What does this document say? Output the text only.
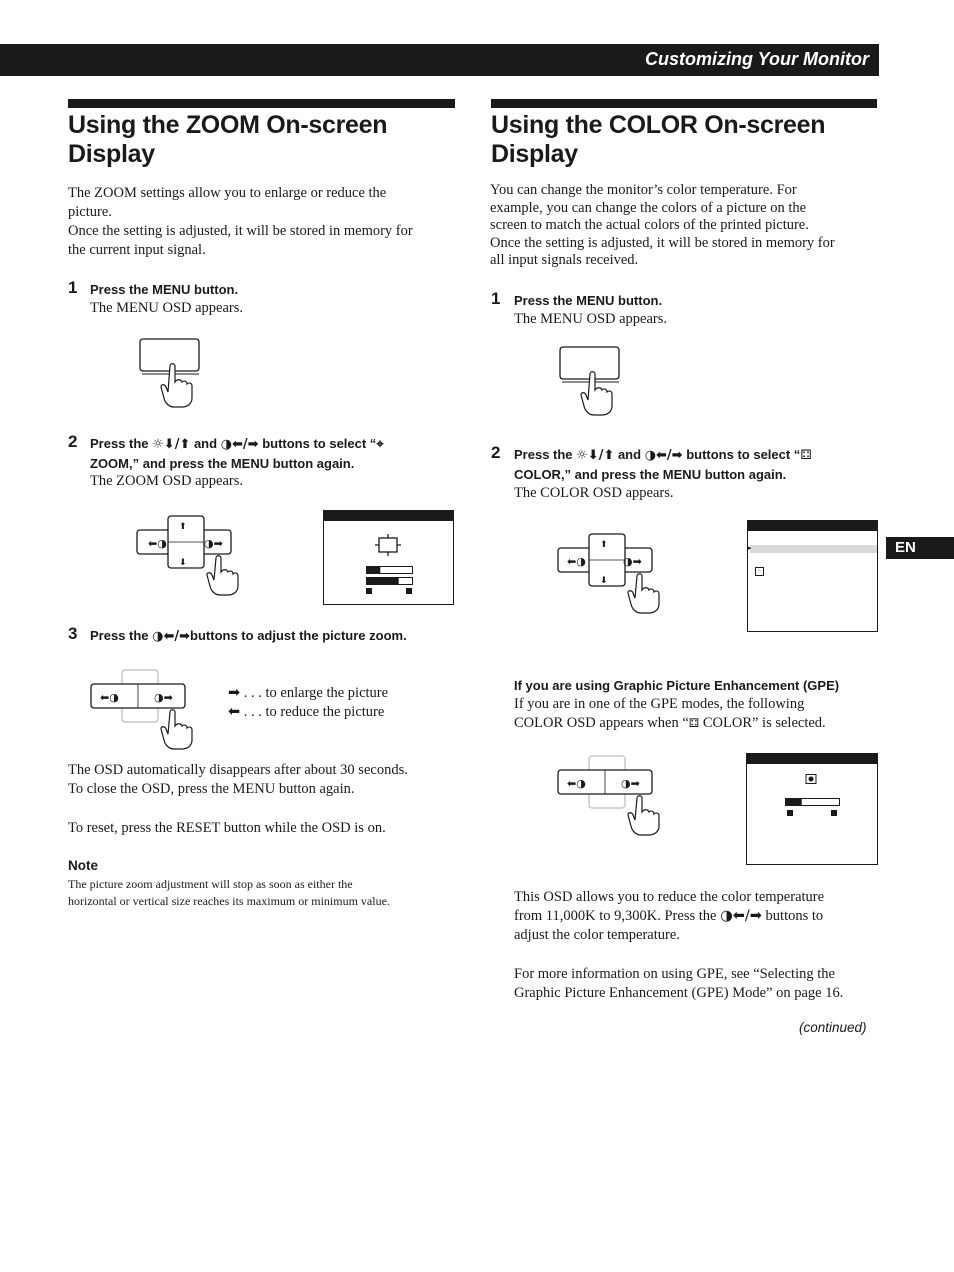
Customizing Your Monitor
EN
Using the ZOOM On-screen
Display
The ZOOM settings allow you to enlarge or reduce the
picture.
Once the setting is adjusted, it will be stored in memory for
the current input signal.
1 Press the MENU button.
The MENU OSD appears.
2 Press the ☼⬇/⬆ and ◑⬅/➡ buttons to select “⌖
ZOOM,” and press the MENU button again.
The ZOOM OSD appears.
⬅◑	◑➡
⬆
⬇
3 Press the ◑⬅/➡buttons to adjust the picture zoom.
⬅◑	◑➡	➡ . . . to enlarge the picture
⬅ . . . to reduce the picture
The OSD automatically disappears after about 30 seconds.
To close the OSD, press the MENU button again.
To reset, press the RESET button while the OSD is on.
Note
The picture zoom adjustment will stop as soon as either the
horizontal or vertical size reaches its maximum or minimum value.
Using the COLOR On-screen
Display
You can change the monitor’s color temperature. For
example, you can change the colors of a picture on the
screen to match the actual colors of the printed picture.
Once the setting is adjusted, it will be stored in memory for
all input signals received.
1 Press the MENU button.
The MENU OSD appears.
2 Press the ☼⬇/⬆ and ◑⬅/➡ buttons to select “⚃
COLOR,” and press the MENU button again.
The COLOR OSD appears.
⬅◑	◑➡
⬆
⬇
▸
⁘
If you are using Graphic Picture Enhancement (GPE)
If you are in one of the GPE modes, the following
COLOR OSD appears when “⚃ COLOR” is selected.
⬅◑	◑➡
This OSD allows you to reduce the color temperature
from 11,000K to 9,300K. Press the ◑⬅/➡ buttons to
adjust the color temperature.
For more information on using GPE, see “Selecting the
Graphic Picture Enhancement (GPE) Mode” on page 16.
(continued)
